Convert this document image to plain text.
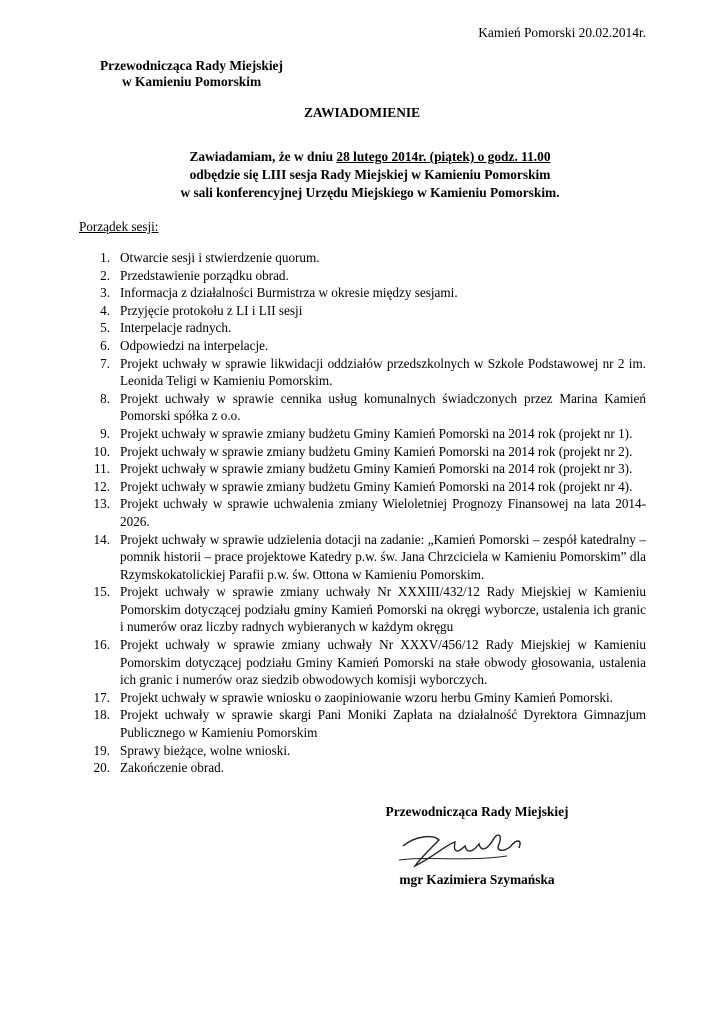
Kamień Pomorski 20.02.2014r.
Przewodnicząca Rady Miejskiej
w Kamieniu Pomorskim
ZAWIADOMIENIE
Zawiadamiam, że w dniu 28 lutego 2014r. (piątek) o godz. 11.00
odbędzie się LIII sesja Rady Miejskiej w Kamieniu Pomorskim
w sali konferencyjnej Urzędu Miejskiego w Kamieniu Pomorskim.
Porządek sesji:
1. Otwarcie sesji i stwierdzenie quorum.
2. Przedstawienie porządku obrad.
3. Informacja z działalności Burmistrza w okresie między sesjami.
4. Przyjęcie protokołu z LI i LII sesji
5. Interpelacje radnych.
6. Odpowiedzi na interpelacje.
7. Projekt uchwały w sprawie likwidacji oddziałów przedszkolnych w Szkole Podstawowej nr 2 im. Leonida Teligi w Kamieniu Pomorskim.
8. Projekt uchwały w sprawie cennika usług komunalnych świadczonych przez Marina Kamień Pomorski spółka z o.o.
9. Projekt uchwały w sprawie zmiany budżetu Gminy Kamień Pomorski na 2014 rok (projekt nr 1).
10. Projekt uchwały w sprawie zmiany budżetu Gminy Kamień Pomorski na 2014 rok (projekt nr 2).
11. Projekt uchwały w sprawie zmiany budżetu Gminy Kamień Pomorski na 2014 rok (projekt nr 3).
12. Projekt uchwały w sprawie zmiany budżetu Gminy Kamień Pomorski na 2014 rok (projekt nr 4).
13. Projekt uchwały w sprawie uchwalenia zmiany Wieloletniej Prognozy Finansowej na lata 2014-2026.
14. Projekt uchwały w sprawie udzielenia dotacji na zadanie: „Kamień Pomorski – zespół katedralny – pomnik historii – prace projektowe Katedry p.w. św. Jana Chrzciciela w Kamieniu Pomorskim” dla Rzymskokatolickiej Parafii p.w. św. Ottona w Kamieniu Pomorskim.
15. Projekt uchwały w sprawie zmiany uchwały Nr XXXIII/432/12 Rady Miejskiej w Kamieniu Pomorskim dotyczącej podziału gminy Kamień Pomorski na okręgi wyborcze, ustalenia ich granic i numerów oraz liczby radnych wybieranych w każdym okręgu
16. Projekt uchwały w sprawie zmiany uchwały Nr XXXV/456/12 Rady Miejskiej w Kamieniu Pomorskim dotyczącej podziału Gminy Kamień Pomorski na stałe obwody głosowania, ustalenia ich granic i numerów oraz siedzib obwodowych komisji wyborczych.
17. Projekt uchwały w sprawie wniosku o zaopiniowanie wzoru herbu Gminy Kamień Pomorski.
18. Projekt uchwały w sprawie skargi Pani Moniki Zapłata na działalność Dyrektora Gimnazjum Publicznego w Kamieniu Pomorskim
19. Sprawy bieżące, wolne wnioski.
20. Zakończenie obrad.
Przewodnicząca Rady Miejskiej
mgr Kazimiera Szymańska
